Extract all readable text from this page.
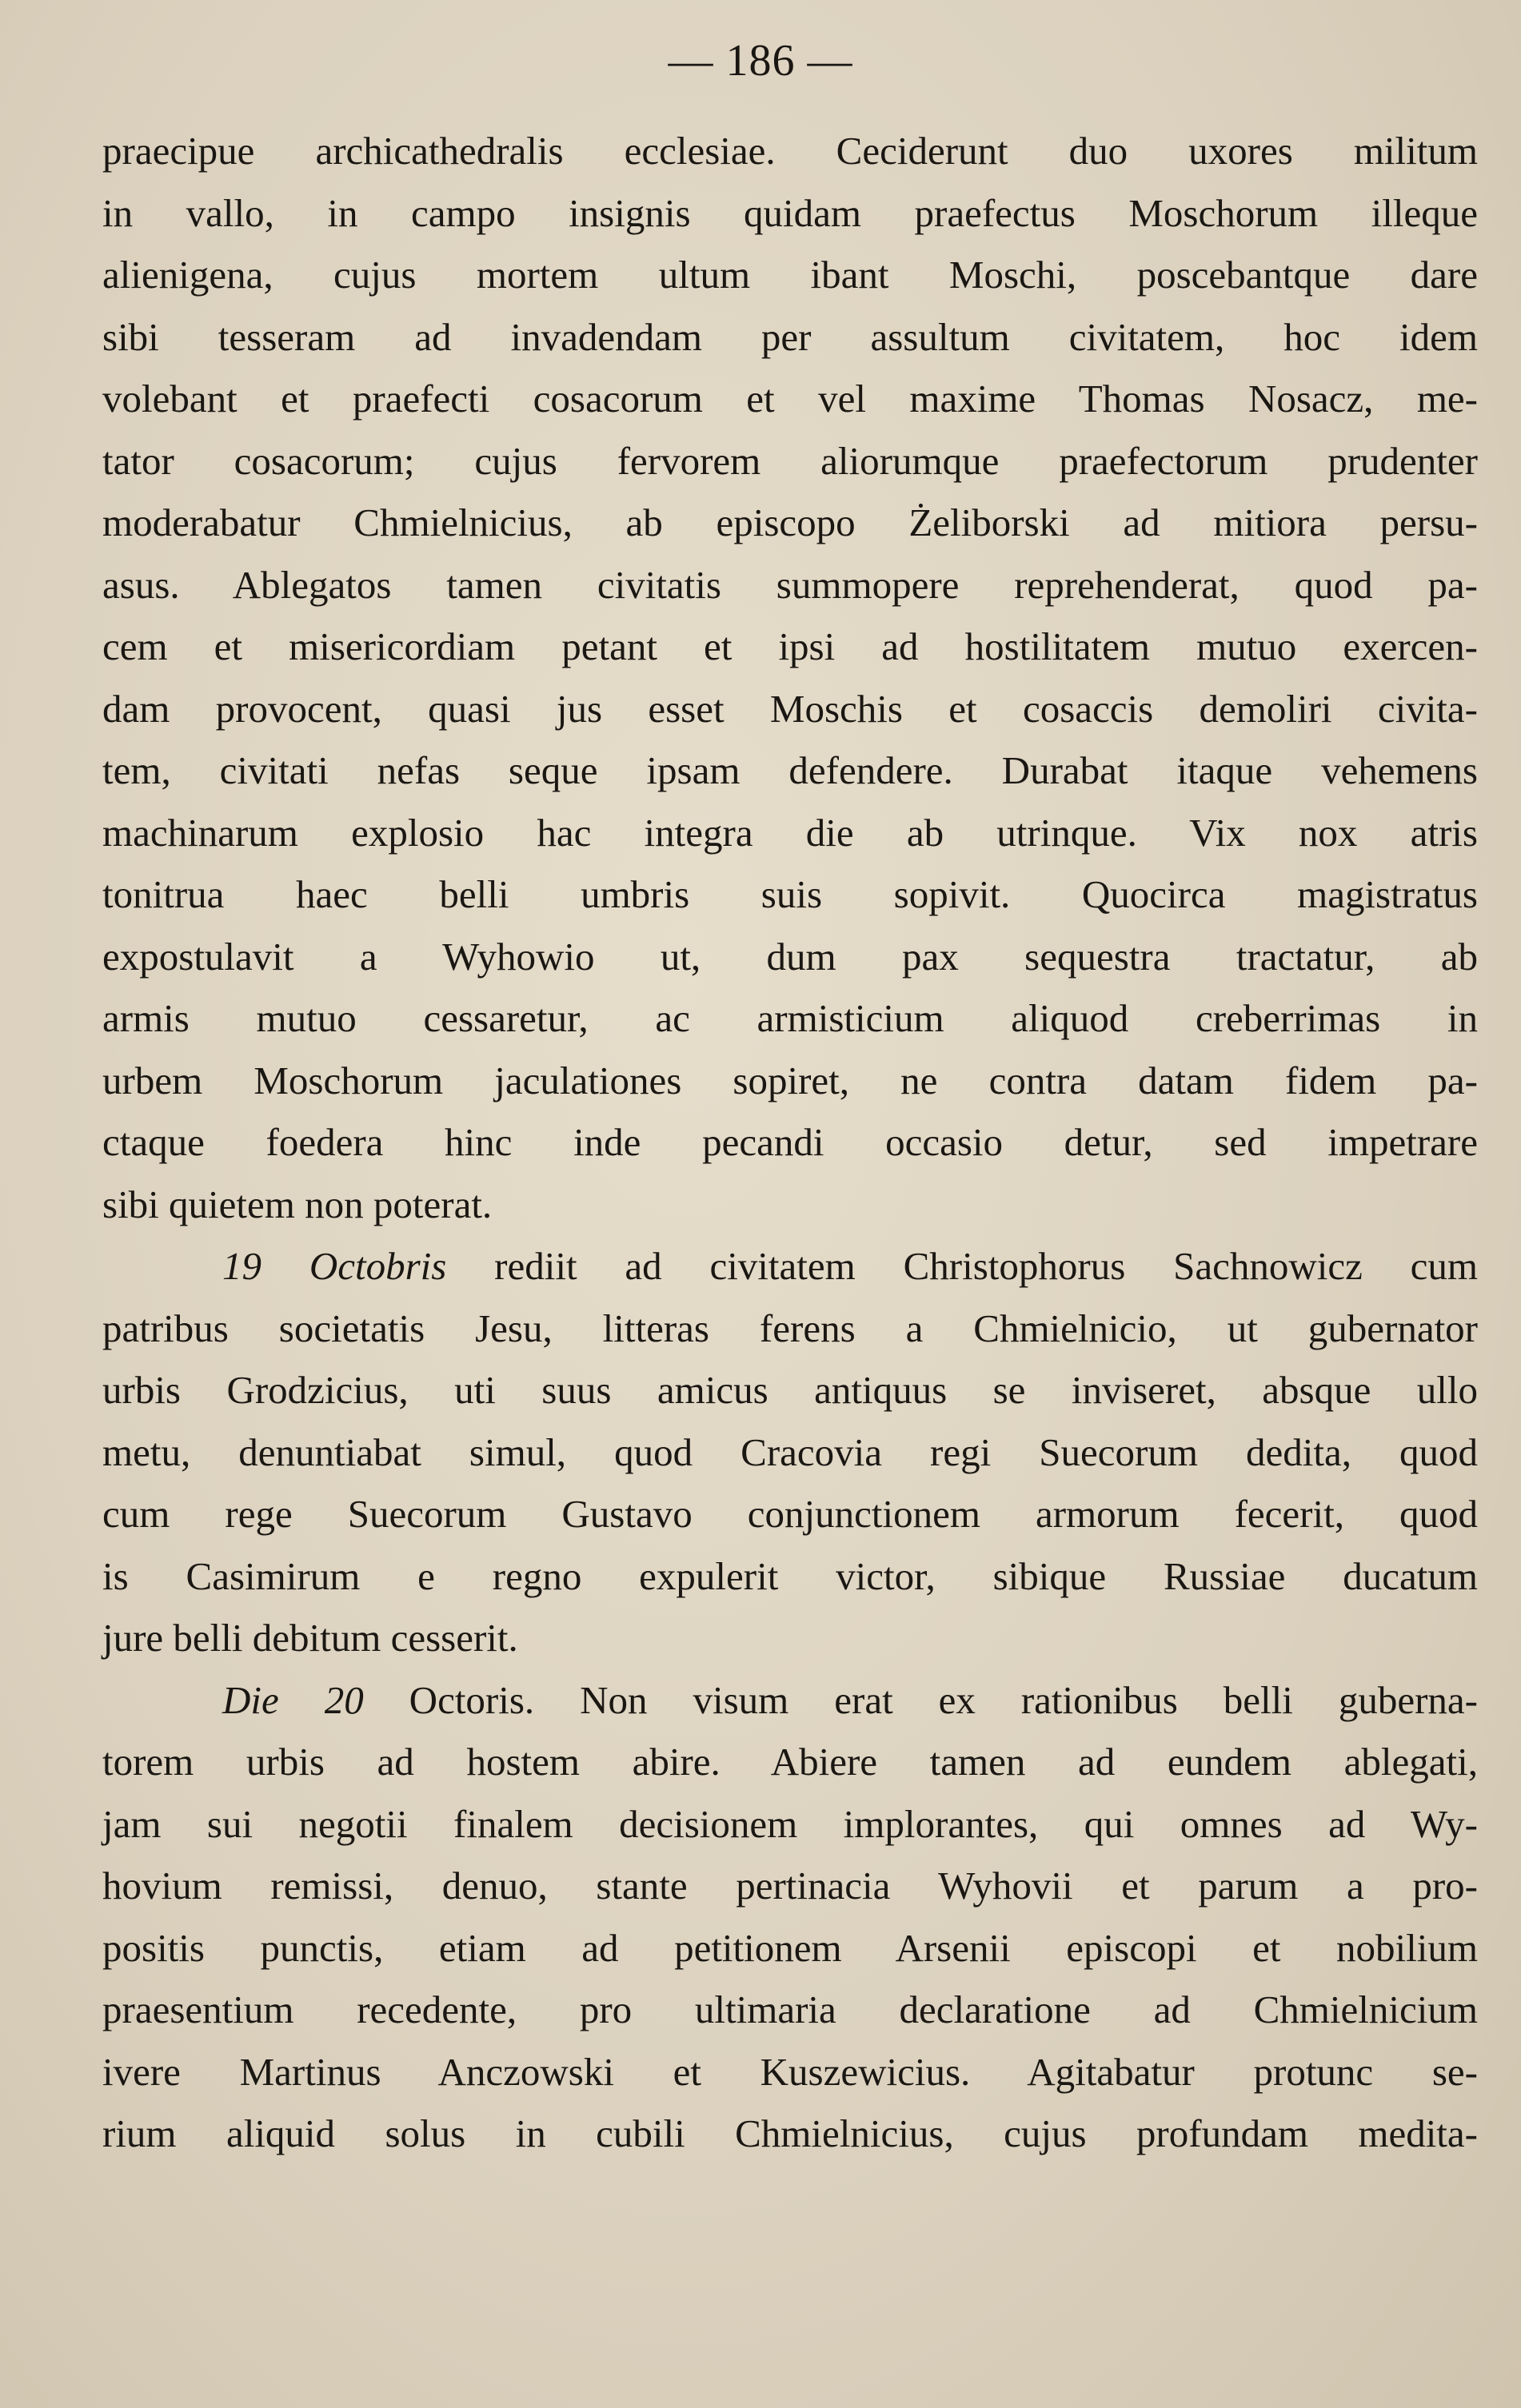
— 186 —
praecipue archicathedralis ecclesiae. Ceciderunt duo uxores militum
in vallo, in campo insignis quidam praefectus Moschorum illeque
alienigena, cujus mortem ultum ibant Moschi, poscebantque dare
sibi tesseram ad invadendam per assultum civitatem, hoc idem
volebant et praefecti cosacorum et vel maxime Thomas Nosacz, me-
tator cosacorum; cujus fervorem aliorumque praefectorum prudenter
moderabatur Chmielnicius, ab episcopo Żeliborski ad mitiora persu-
asus. Ablegatos tamen civitatis summopere reprehenderat, quod pa-
cem et misericordiam petant et ipsi ad hostilitatem mutuo exercen-
dam provocent, quasi jus esset Moschis et cosaccis demoliri civita-
tem, civitati nefas seque ipsam defendere. Durabat itaque vehemens
machinarum explosio hac integra die ab utrinque. Vix nox atris
tonitrua haec belli umbris suis sopivit. Quocirca magistratus
expostulavit a Wyhowio ut, dum pax sequestra tractatur, ab
armis mutuo cessaretur, ac armisticium aliquod creberrimas in
urbem Moschorum jaculationes sopiret, ne contra datam fidem pa-
ctaque foedera hinc inde pecandi occasio detur, sed impetrare
sibi quietem non poterat.
19 Octobris rediit ad civitatem Christophorus Sachnowicz cum
patribus societatis Jesu, litteras ferens a Chmielnicio, ut gubernator
urbis Grodzicius, uti suus amicus antiquus se inviseret, absque ullo
metu, denuntiabat simul, quod Cracovia regi Suecorum dedita, quod
cum rege Suecorum Gustavo conjunctionem armorum fecerit, quod
is Casimirum e regno expulerit victor, sibique Russiae ducatum
jure belli debitum cesserit.
Die 20 Octoris. Non visum erat ex rationibus belli guberna-
torem urbis ad hostem abire. Abiere tamen ad eundem ablegati,
jam sui negotii finalem decisionem implorantes, qui omnes ad Wy-
hovium remissi, denuo, stante pertinacia Wyhovii et parum a pro-
positis punctis, etiam ad petitionem Arsenii episcopi et nobilium
praesentium recedente, pro ultimaria declaratione ad Chmielnicium
ivere Martinus Anczowski et Kuszewicius. Agitabatur protunc se-
rium aliquid solus in cubili Chmielnicius, cujus profundam medita-
